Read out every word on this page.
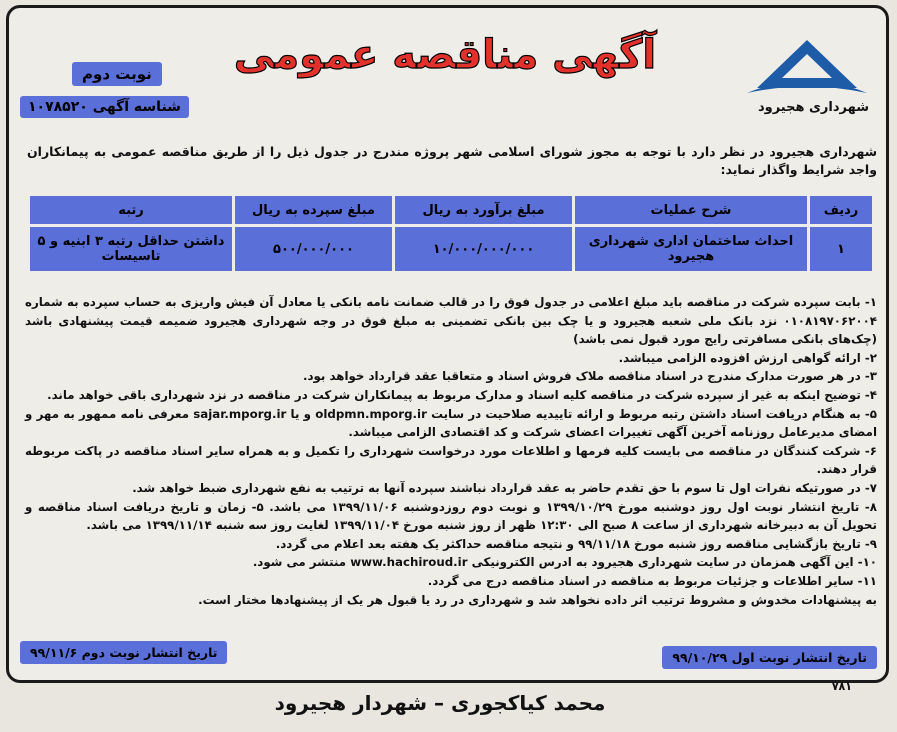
شهرداری هجیرود
آگهی مناقصه عمومی
نوبت دوم
شناسه آگهی ۱۰۷۸۵۲۰
شهرداری هجیرود در نظر دارد با توجه به مجوز شورای اسلامی شهر پروژه مندرج در جدول ذیل را از طریق مناقصه عمومی به پیمانکاران واجد شرایط واگذار نماید:
ردیف	شرح عملیات	مبلغ برآورد به ریال	مبلغ سپرده به ریال	رتبه
۱	احداث ساختمان اداری شهرداری هجیرود	۱۰/۰۰۰/۰۰۰/۰۰۰	۵۰۰/۰۰۰/۰۰۰	داشتن حداقل رتبه ۳ ابنیه و ۵ تاسیسات

۱- بابت سپرده شرکت در مناقصه باید مبلغ اعلامی در جدول فوق را در قالب ضمانت نامه بانکی یا معادل آن فیش واریزی به حساب سپرده به شماره ۰۱۰۸۱۹۷۰۶۲۰۰۴ نزد بانک ملی شعبه هجیرود و یا چک بین بانکی تضمینی به مبلغ فوق در وجه شهرداری هجیرود ضمیمه قیمت پیشنهادی باشد (چک‌های بانکی مسافرتی رایج مورد قبول نمی باشد)

۲- ارائه گواهی ارزش افزوده الزامی میباشد.

۳- در هر صورت مدارک مندرج در اسناد مناقصه ملاک فروش اسناد و متعاقبا عقد قرارداد خواهد بود.

۴- توضیح اینکه به غیر از سپرده شرکت در مناقصه کلیه اسناد و مدارک مربوط به پیمانکاران شرکت در مناقصه در نزد شهرداری باقی خواهد ماند.

۵- به هنگام دریافت اسناد داشتن رتبه مربوط و ارائه تاییدیه صلاحیت در سایت oldpmn.mporg.ir و یا sajar.mporg.ir معرفی نامه ممهور به مهر و امضای مدیرعامل روزنامه آخرین آگهی تغییرات اعضای شرکت و کد اقتصادی الزامی میباشد.

۶- شرکت کنندگان در مناقصه می بایست کلیه فرمها و اطلاعات مورد درخواست شهرداری را تکمیل و به همراه سایر اسناد مناقصه در پاکت مربوطه قرار دهند.

۷- در صورتیکه نفرات اول تا سوم با حق تقدم حاضر به عقد قرارداد نباشند سپرده آنها به ترتیب به نفع شهرداری ضبط خواهد شد.

۸- تاریخ انتشار نوبت اول روز دوشنبه مورخ ۱۳۹۹/۱۰/۲۹ و نوبت دوم روزدوشنبه ۱۳۹۹/۱۱/۰۶ می باشد. ۵- زمان و تاریخ دریافت اسناد مناقصه و تحویل آن به دبیرخانه شهرداری از ساعت ۸ صبح الی ۱۲:۳۰ ظهر از روز شنبه مورخ ۱۳۹۹/۱۱/۰۴ لغایت روز سه شنبه ۱۳۹۹/۱۱/۱۴ می باشد.

۹- تاریخ بازگشایی مناقصه روز شنبه مورخ ۹۹/۱۱/۱۸ و نتیجه مناقصه حداکثر یک هفته بعد اعلام می گردد.

۱۰- این آگهی همزمان در سایت شهرداری هجیرود به ادرس الکترونیکی www.hachiroud.ir منتشر می شود.

۱۱- سایر اطلاعات و جزئیات مربوط به مناقصه در اسناد مناقصه درج می گردد.

به پیشنهادات مخدوش و مشروط ترتیب اثر داده نخواهد شد و شهرداری در رد یا قبول هر یک از پیشنهادها مختار است.

تاریخ انتشار نوبت اول ۹۹/۱۰/۲۹
تاریخ انتشار نوبت دوم ۹۹/۱۱/۶
۷۸۱
محمد کیاکجوری – شهردار هجیرود
